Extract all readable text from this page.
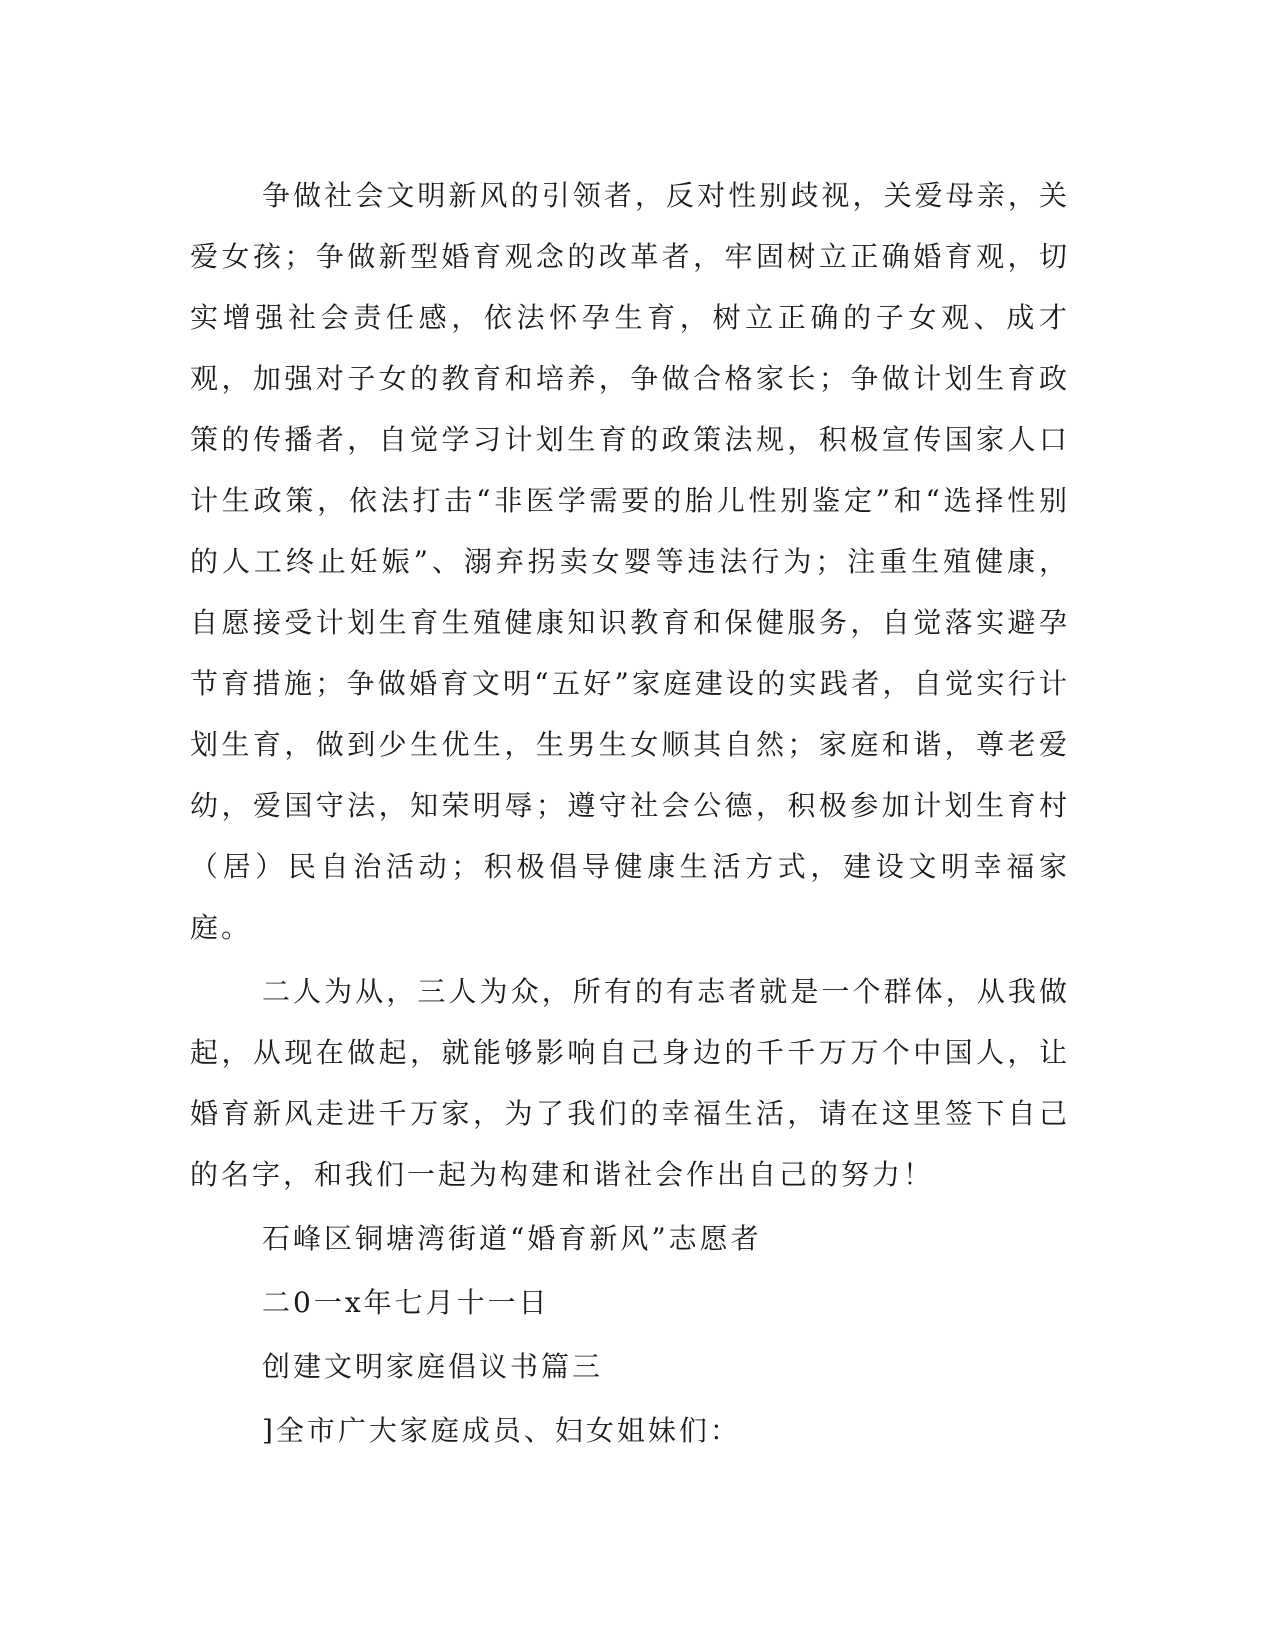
争做社会文明新风的引领者，反对性别歧视，关爱母亲，关爱女孩；争做新型婚育观念的改革者，牢固树立正确婚育观，切实增强社会责任感，依法怀孕生育，树立正确的子女观、成才观，加强对子女的教育和培养，争做合格家长；争做计划生育政策的传播者，自觉学习计划生育的政策法规，积极宣传国家人口计生政策，依法打击“非医学需要的胎儿性别鉴定”和“选择性别的人工终止妊娠”、溺弃拐卖女婴等违法行为；注重生殖健康，自愿接受计划生育生殖健康知识教育和保健服务，自觉落实避孕节育措施；争做婚育文明“五好”家庭建设的实践者，自觉实行计划生育，做到少生优生，生男生女顺其自然；家庭和谐，尊老爱幼，爱国守法，知荣明辱；遵守社会公德，积极参加计划生育村（居）民自治活动；积极倡导健康生活方式，建设文明幸福家庭。

二人为从，三人为众，所有的有志者就是一个群体，从我做起，从现在做起，就能够影响自己身边的千千万万个中国人，让婚育新风走进千万家，为了我们的幸福生活，请在这里签下自己的名字，和我们一起为构建和谐社会作出自己的努力！

石峰区铜塘湾街道“婚育新风”志愿者

二0一x年七月十一日

创建文明家庭倡议书篇三

]全市广大家庭成员、妇女姐妹们：
